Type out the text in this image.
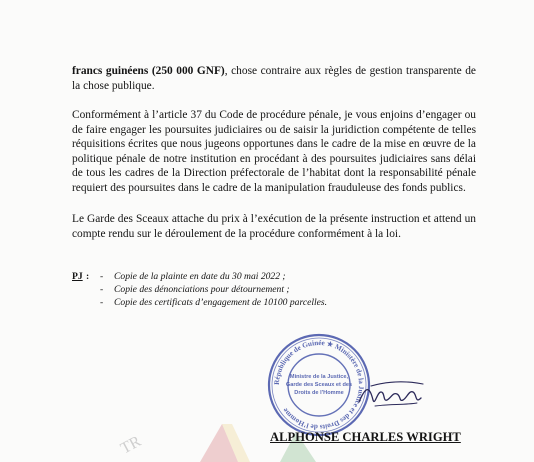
TR

francs guinéens (250 000 GNF), chose contraire aux règles de gestion transparente de la chose publique.

Conformément à l’article 37 du Code de procédure pénale, je vous enjoins d’engager ou de faire engager les poursuites judiciaires ou de saisir la juridiction compétente de telles réquisitions écrites que nous jugeons opportunes dans le cadre de la mise en œuvre de la politique pénale de notre institution en procédant à des poursuites judiciaires sans délai de tous les cadres de la Direction préfectorale de l’habitat dont la responsabilité pénale requiert des poursuites dans le cadre de la manipulation frauduleuse des fonds publics.

Le Garde des Sceaux attache du prix à l’exécution de la présente instruction et attend un compte rendu sur le déroulement de la procédure conformément à la loi.

PJ : - Copie de la plainte en date du 30 mai 2022 ;
- Copie des dénonciations pour détournement ;
- Copie des certificats d’engagement de 10100 parcelles.
République de Guinée ★ Ministère de la Justice et des Droits de l’Homme
Ministre de la Justice,
Garde des Sceaux et des
Droits de l’Homme
ALPHONSE CHARLES WRIGHT
